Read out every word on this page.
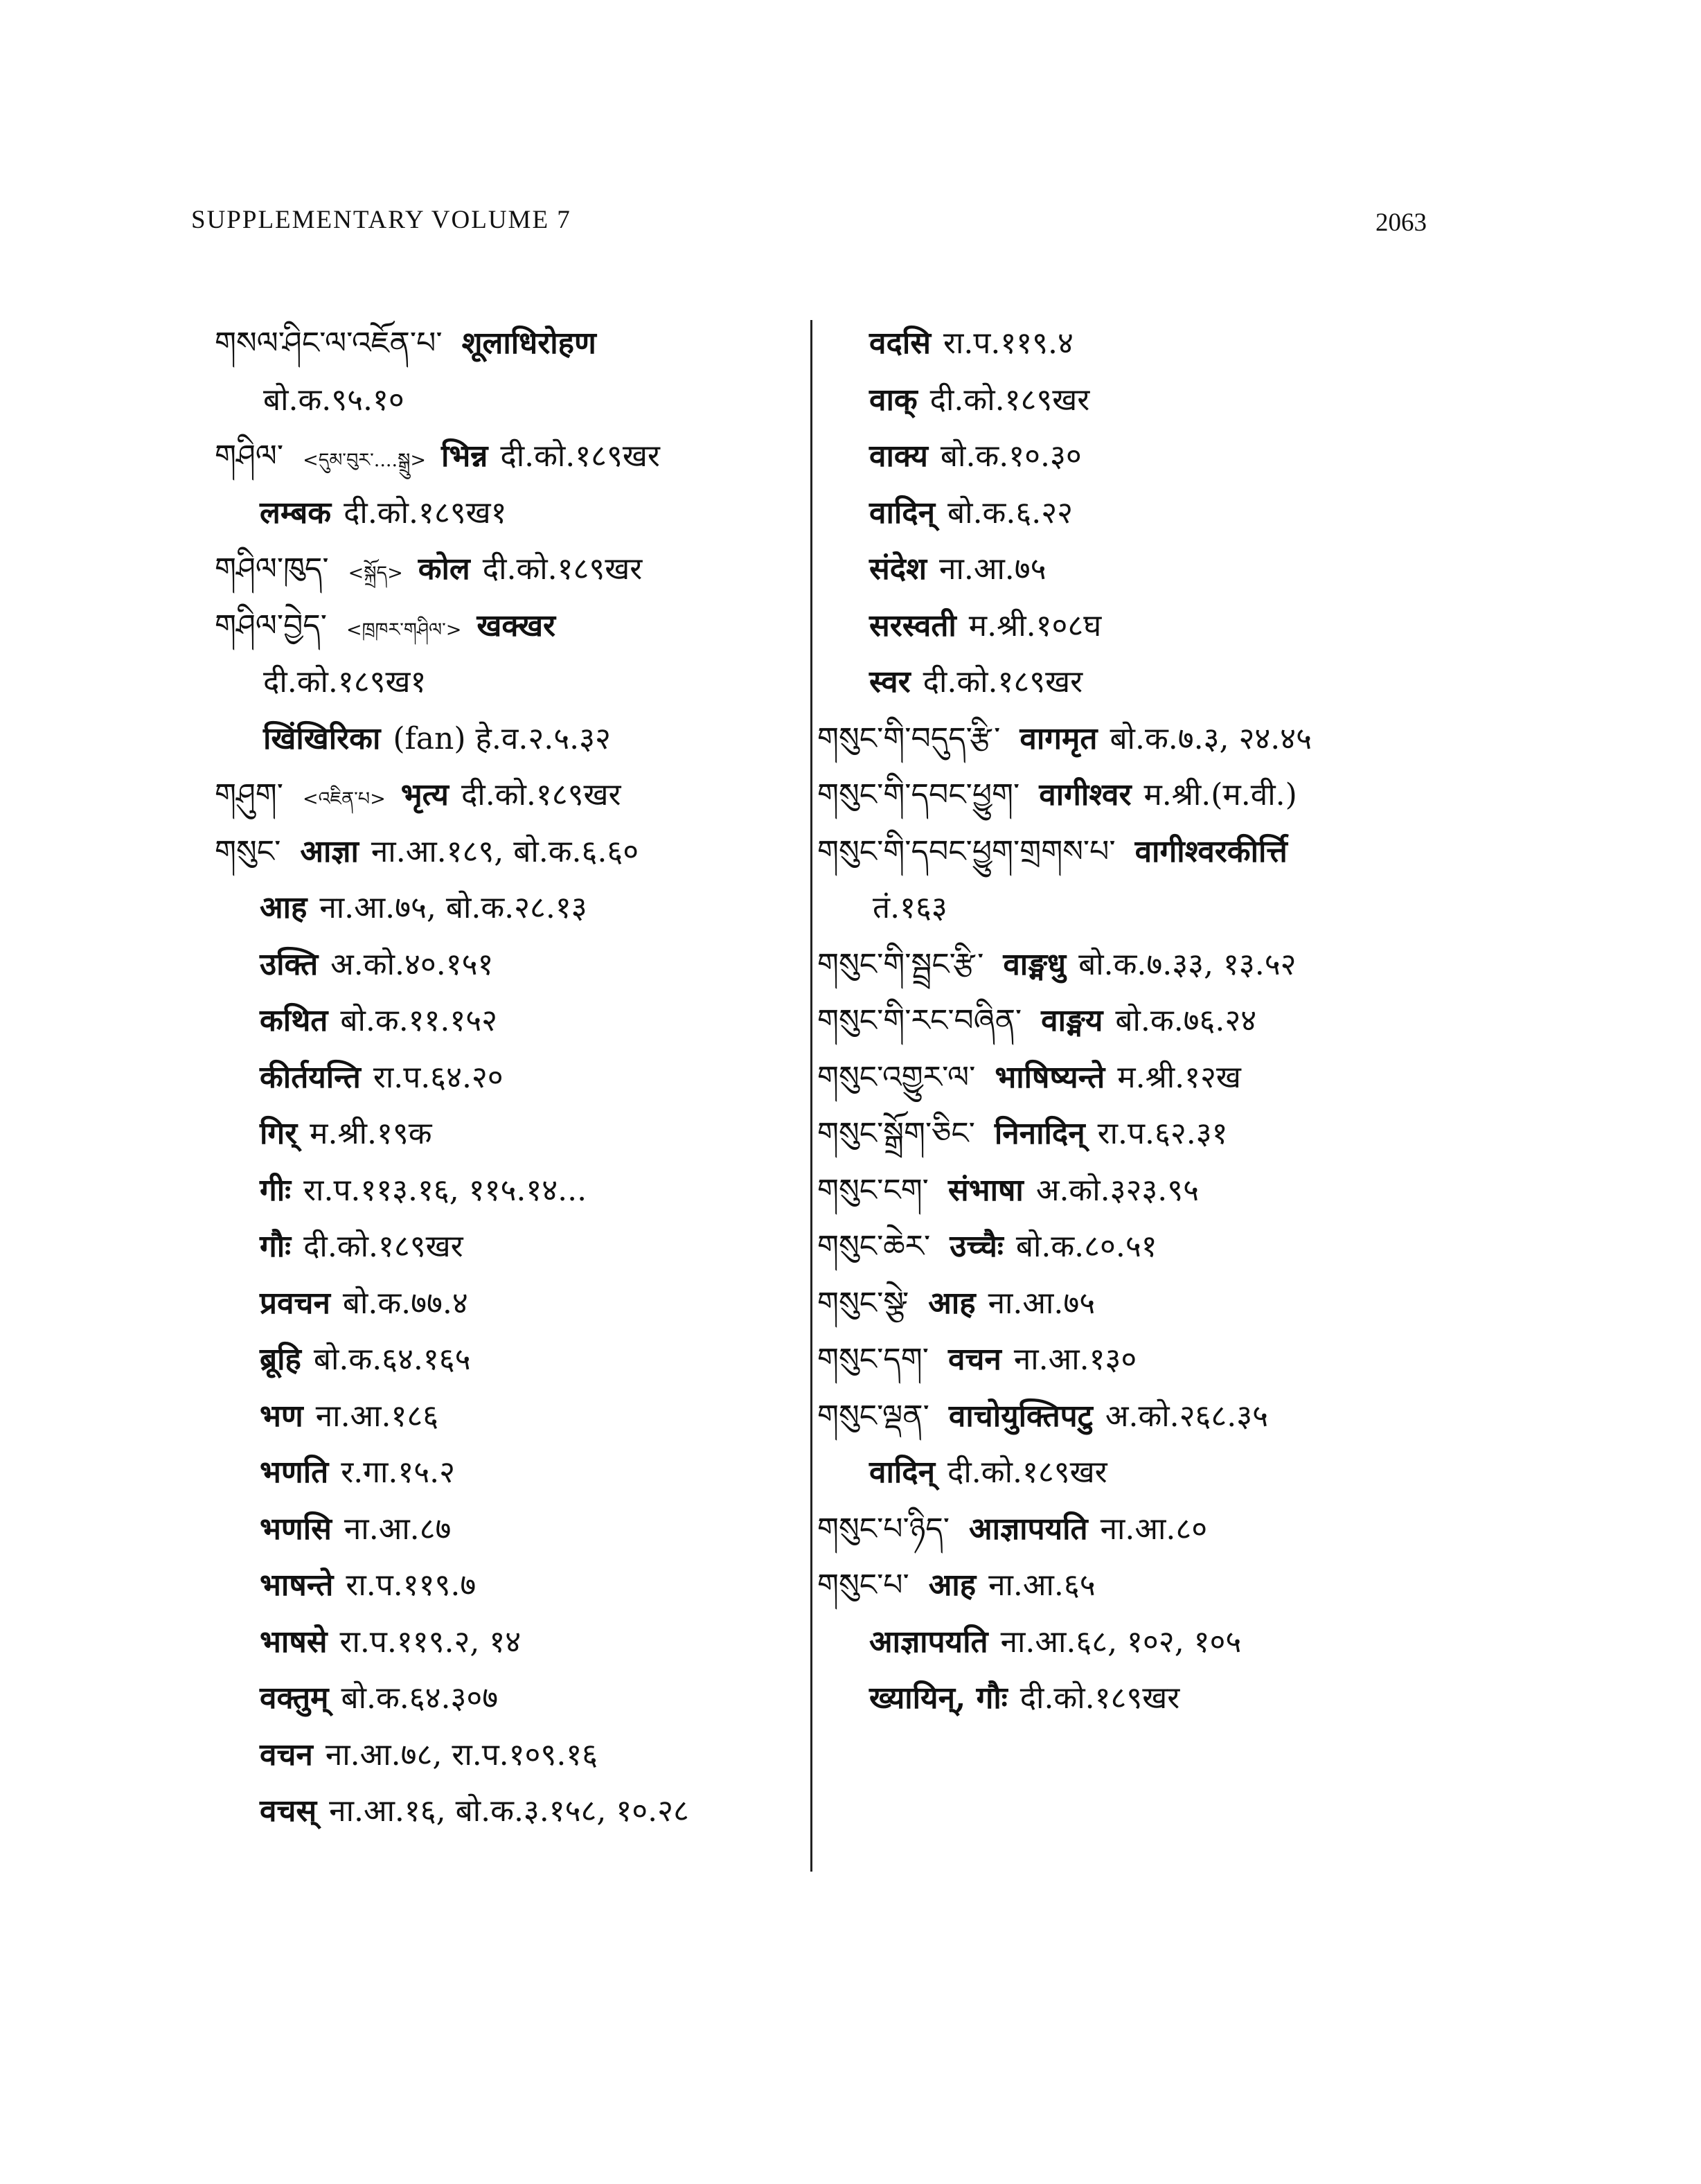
SUPPLEMENTARY VOLUME 7	2063
གསལ་ཤིང་ལ་འཇོན་པ་ शूलाधिरोहण
बो.क.९५.१०
གཤིལ་ <དུམ་བུར་....སྒྲུ> भिन्न दी.को.१८९खर
लम्बक दी.को.१८९ख१
གཤིལ་ཁུད་ <སྐྲོད> कोल दी.को.१८९खर
གཤིལ་བྱེད་ <ཁྲཁར་གཤིལ་> खक्खर
दी.को.१८९ख१
खिंखिरिका (fan) हे.व.२.५.३२
གཤུག་ <འཇིན་པ> भृत्य दी.को.१८९खर
གསུང་ आज्ञा ना.आ.१८९, बो.क.६.६०
आह ना.आ.७५, बो.क.२८.१३
उक्ति अ.को.४०.१५१
कथित बो.क.११.१५२
कीर्तयन्ति रा.प.६४.२०
गिर् म.श्री.१९क
गीः रा.प.११३.१६, ११५.१४...
गौः दी.को.१८९खर
प्रवचन बो.क.७७.४
ब्रूहि बो.क.६४.१६५
भण ना.आ.१८६
भणति र.गा.१५.२
भणसि ना.आ.८७
भाषन्ते रा.प.११९.७
भाषसे रा.प.११९.२, १४
वक्तुम् बो.क.६४.३०७
वचन ना.आ.७८, रा.प.१०९.१६
वचस् ना.आ.१६, बो.क.३.१५८, १०.२८
वदसि रा.प.११९.४
वाक् दी.को.१८९खर
वाक्य बो.क.१०.३०
वादिन् बो.क.६.२२
संदेश ना.आ.७५
सरस्वती म.श्री.१०८घ
स्वर दी.को.१८९खर
གསུང་གི་བདུད་རྩི་ वागमृत बो.क.७.३, २४.४५
གསུང་གི་དབང་ཕྱུག་ वागीश्वर म.श्री.(म.वी.)
གསུང་གི་དབང་ཕྱུག་གྲགས་པ་ वागीश्वरकीर्त्ति
तं.१६३
གསུང་གི་སྦྲང་རྩི་ वाङ्मधु बो.क.७.३३, १३.५२
གསུང་གི་རང་བཞིན་ वाङ्मय बो.क.७६.२४
གསུང་འགྱུར་ལ་ भाषिष्यन्ते म.श्री.१२ख
གསུང་སྒྲོག་ཅིང་ निनादिन् रा.प.६२.३१
གསུང་ངག་ संभाषा अ.को.३२३.९५
གསུང་ཆེར་ उच्चैः बो.क.८०.५१
གསུང་སྩེ་ आह ना.आ.७५
གསུང་དག་ वचन ना.आ.१३०
གསུང་ལྡན་ वाचोयुक्तिपटु अ.को.२६८.३५
वादिन् दी.को.१८९खर
གསུང་པ་ཉིད་ आज्ञापयति ना.आ.८०
གསུང་པ་ आह ना.आ.६५
आज्ञापयति ना.आ.६८, १०२, १०५
ख्यायिन्, गौः दी.को.१८९खर
